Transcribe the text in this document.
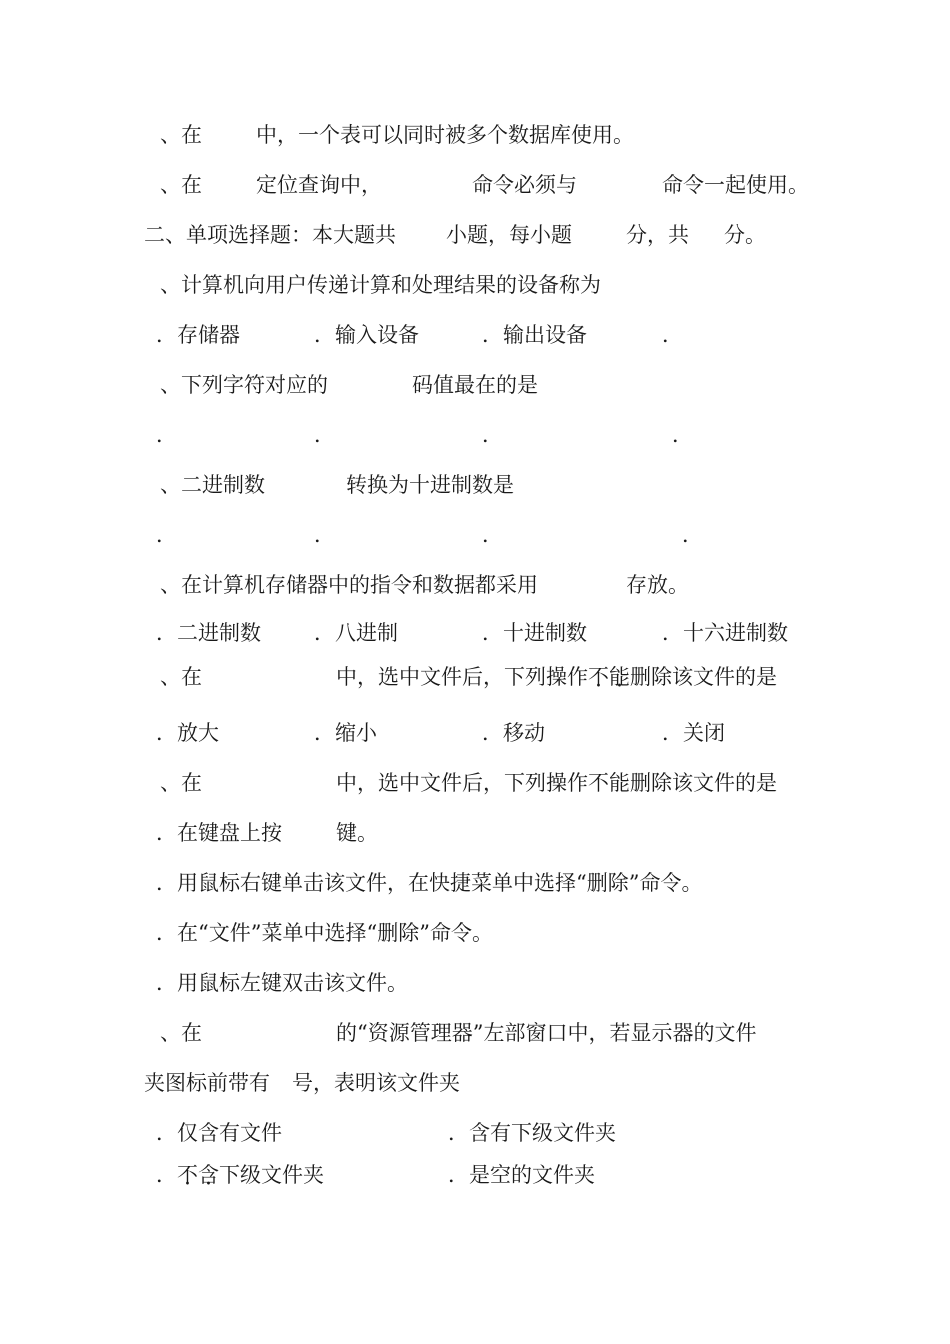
、在	中，一个表可以同时被多个数据库使用。
、在	定位查询中，	命令必须与	命令一起使用。
二、单项选择题：本大题共 小题，每小题	分，共 分。
、计算机向用户传递计算和处理结果的设备称为
．存储器	．输入设备	．输出设备	．
、下列字符对应的	码值最在的是
．	．	．	．
、二进制数	转换为十进制数是
．	．	．	．
、在计算机存储器中的指令和数据都采用	存放。
．二进制数	．八进制	．十进制数	．十六进制数
、在	中，选中文件后，下列操作不能删除该文件的是
．放大	．缩小	．移动	．关闭
、在	中，选中文件后，下列操作不能删除该文件的是
．在键盘上按	键。
．用鼠标右键单击该文件，在快捷菜单中选择“删除”命令。
．在“文件”菜单中选择“删除”命令。
．用鼠标左键双击该文件。
、在	的“资源管理器”左部窗口中，若显示器的文件
夹图标前带有 号，表明该文件夹
．仅含有文件	．含有下级文件夹
．不含下级文件夹	．是空的文件夹
